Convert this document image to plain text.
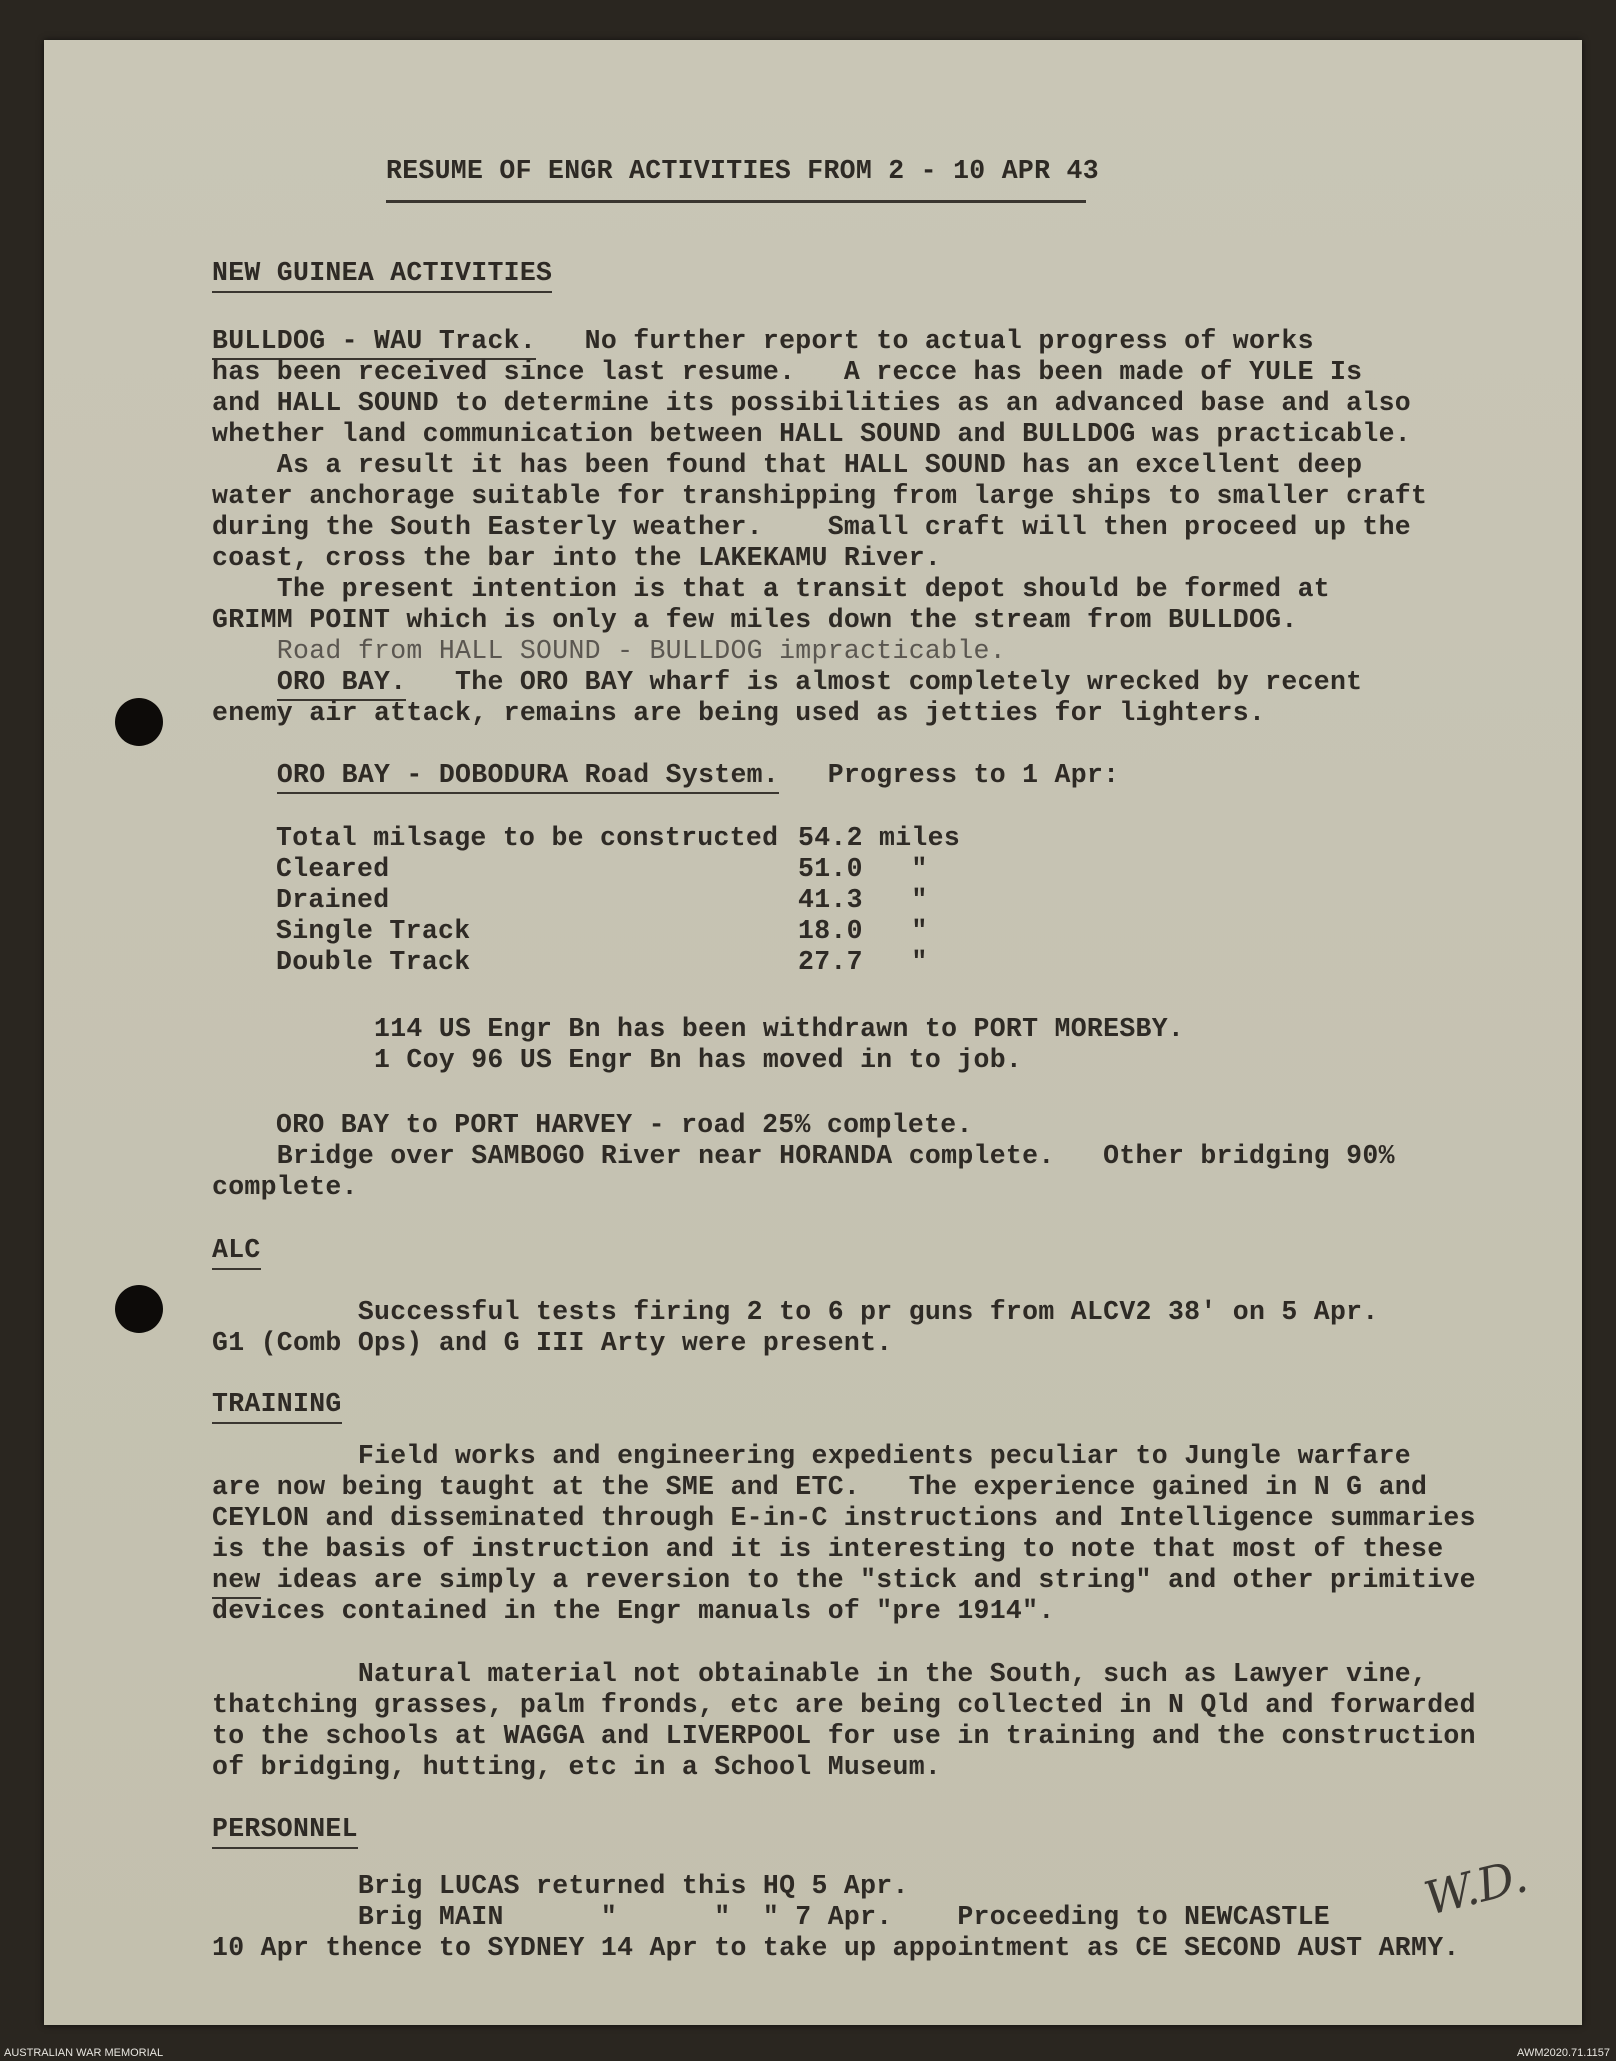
RESUME OF ENGR ACTIVITIES FROM 2 - 10 APR 43
NEW GUINEA ACTIVITIES
BULLDOG - WAU Track.   No further report to actual progress of works
has been received since last resume.   A recce has been made of YULE Is
and HALL SOUND to determine its possibilities as an advanced base and also
whether land communication between HALL SOUND and BULLDOG was practicable.
As a result it has been found that HALL SOUND has an excellent deep
water anchorage suitable for transhipping from large ships to smaller craft
during the South Easterly weather.    Small craft will then proceed up the
coast, cross the bar into the LAKEKAMU River.
The present intention is that a transit depot should be formed at
GRIMM POINT which is only a few miles down the stream from BULLDOG.
Road from HALL SOUND - BULLDOG impracticable.
ORO BAY.   The ORO BAY wharf is almost completely wrecked by recent
enemy air attack, remains are being used as jetties for lighters.
ORO BAY - DOBODURA Road System.   Progress to 1 Apr:
Total milsage to be constructed 54.2 miles
Cleared	51.0   "
Drained	41.3   "
Single Track	18.0   "
Double Track	27.7   "
114 US Engr Bn has been withdrawn to PORT MORESBY.
1 Coy 96 US Engr Bn has moved in to job.
ORO BAY to PORT HARVEY - road 25% complete.
Bridge over SAMBOGO River near HORANDA complete.   Other bridging 90%
complete.
ALC
Successful tests firing 2 to 6 pr guns from ALCV2 38' on 5 Apr.
G1 (Comb Ops) and G III Arty were present.
TRAINING
Field works and engineering expedients peculiar to Jungle warfare
are now being taught at the SME and ETC.   The experience gained in N G and
CEYLON and disseminated through E-in-C instructions and Intelligence summaries
is the basis of instruction and it is interesting to note that most of these
new ideas are simply a reversion to the "stick and string" and other primitive
devices contained in the Engr manuals of "pre 1914".
Natural material not obtainable in the South, such as Lawyer vine,
thatching grasses, palm fronds, etc are being collected in N Qld and forwarded
to the schools at WAGGA and LIVERPOOL for use in training and the construction
of bridging, hutting, etc in a School Museum.
PERSONNEL
Brig LUCAS returned this HQ 5 Apr.
Brig MAIN      "      "  " 7 Apr.    Proceeding to NEWCASTLE
10 Apr thence to SYDNEY 14 Apr to take up appointment as CE SECOND AUST ARMY.
W.D.
AUSTRALIAN WAR MEMORIAL	AWM2020.71.1157
